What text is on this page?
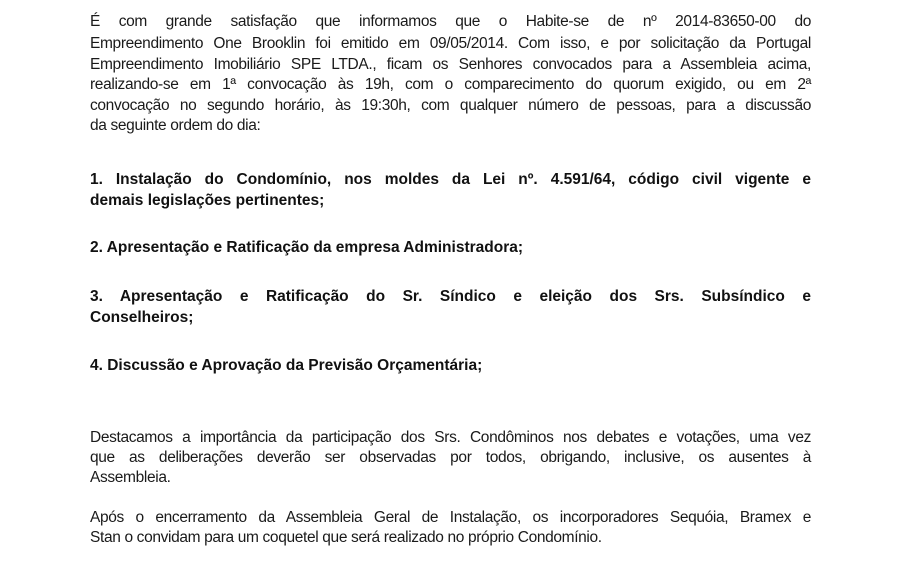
É com grande satisfação que informamos que o Habite-se de nº 2014-83650-00 do
Empreendimento One Brooklin foi emitido em 09/05/2014. Com isso, e por solicitação da Portugal
Empreendimento Imobiliário SPE LTDA., ficam os Senhores convocados para a Assembleia acima,
realizando-se em 1ª convocação às 19h, com o comparecimento do quorum exigido, ou em 2ª
convocação no segundo horário, às 19:30h, com qualquer número de pessoas, para a discussão
da seguinte ordem do dia:
1. Instalação do Condomínio, nos moldes da Lei nº. 4.591/64, código civil vigente e
demais legislações pertinentes;
2. Apresentação e Ratificação da empresa Administradora;
3. Apresentação e Ratificação do Sr. Síndico e eleição dos Srs. Subsíndico e
Conselheiros;
4. Discussão e Aprovação da Previsão Orçamentária;
Destacamos a importância da participação dos Srs. Condôminos nos debates e votações, uma vez
que as deliberações deverão ser observadas por todos, obrigando, inclusive, os ausentes à
Assembleia.
Após o encerramento da Assembleia Geral de Instalação, os incorporadores Sequóia, Bramex e
Stan o convidam para um coquetel que será realizado no próprio Condomínio.
